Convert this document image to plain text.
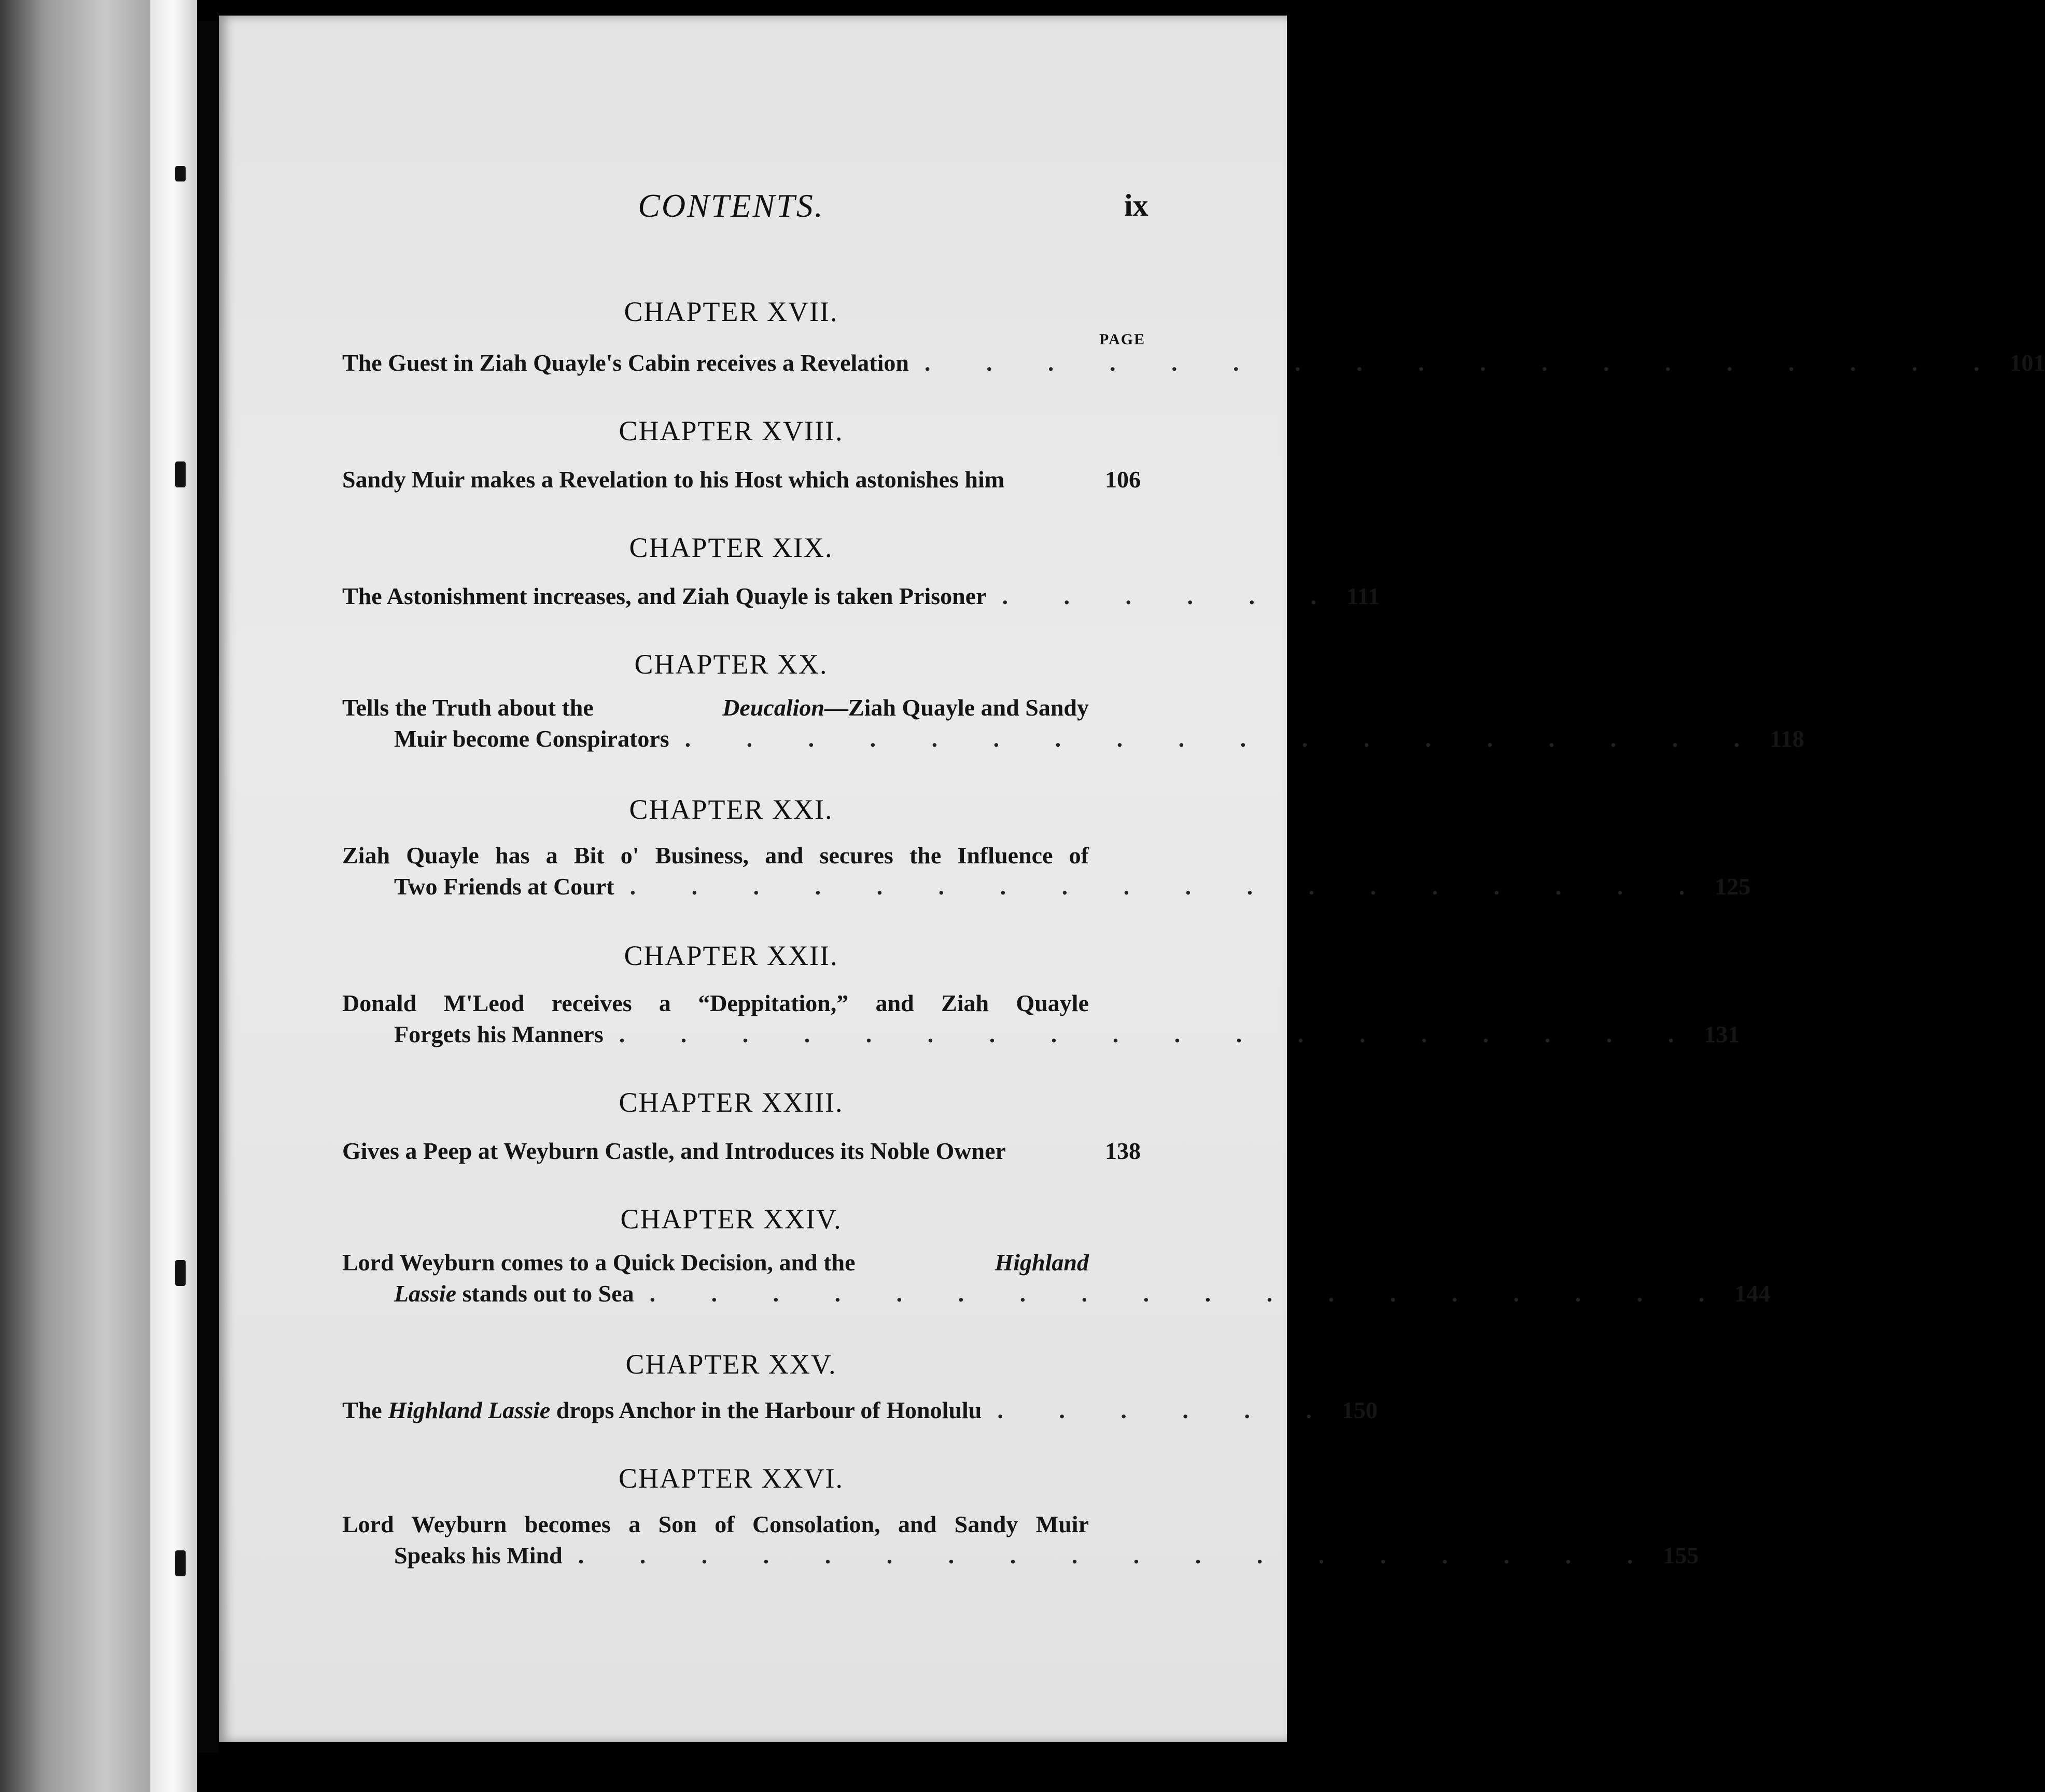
CONTENTS.	ix
PAGE
CHAPTER XVII.
The Guest in Ziah Quayle's Cabin receives a Revelation . . . . . . . . . . . . . . . . . . 101
CHAPTER XVIII.
Sandy Muir makes a Revelation to his Host which astonishes him	106
CHAPTER XIX.
The Astonishment increases, and Ziah Quayle is taken Prisoner . . . . . . 111
CHAPTER XX.
Tells the Truth about the	Deucalion—Ziah Quayle and Sandy
Muir become Conspirators . . . . . . . . . . . . . . . . . . 118
CHAPTER XXI.
Ziah Quayle has a Bit o' Business, and secures the Influence of
Two Friends at Court . . . . . . . . . . . . . . . . . . 125
CHAPTER XXII.
Donald M'Leod receives a “Deppitation,” and Ziah Quayle
Forgets his Manners . . . . . . . . . . . . . . . . . . 131
CHAPTER XXIII.
Gives a Peep at Weyburn Castle, and Introduces its Noble Owner	138
CHAPTER XXIV.
Lord Weyburn comes to a Quick Decision, and the	Highland
Lassie stands out to Sea . . . . . . . . . . . . . . . . . . 144
CHAPTER XXV.
The Highland Lassie drops Anchor in the Harbour of Honolulu . . . . . . 150
CHAPTER XXVI.
Lord Weyburn becomes a Son of Consolation, and Sandy Muir
Speaks his Mind . . . . . . . . . . . . . . . . . . 155
